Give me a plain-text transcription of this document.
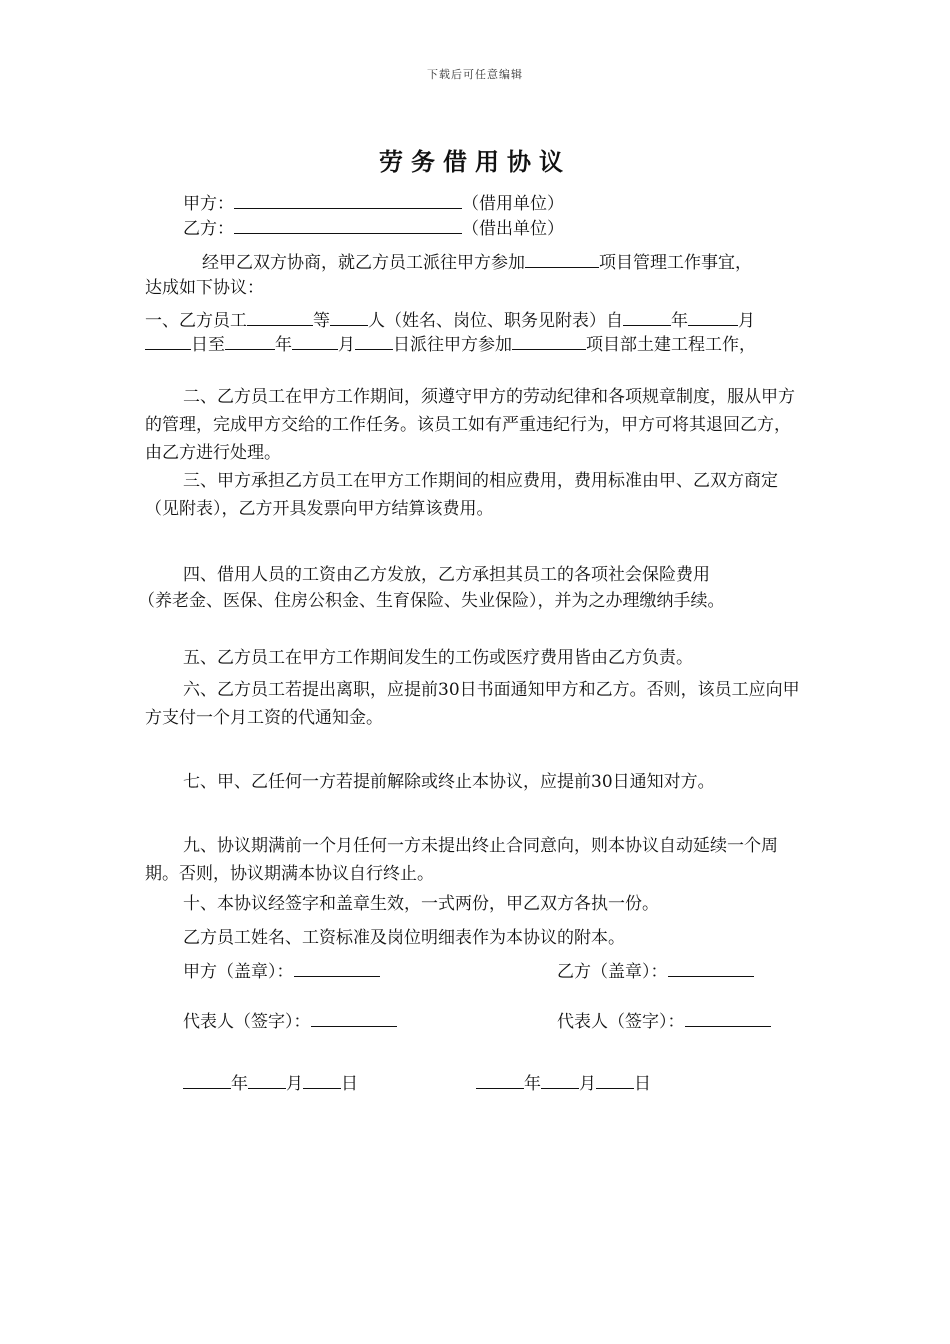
下载后可任意编辑
劳务借用协议
甲方：	（借用单位）
乙方：	（借出单位）
经甲乙双方协商，就乙方员工派往甲方参加	项目管理工作事宜，
达成如下协议：
一、乙方员工	等 人（姓名、岗位、职务见附表）自	年	月
日至	年	月 日派往甲方参加	项目部土建工程工作，
二、乙方员工在甲方工作期间，须遵守甲方的劳动纪律和各项规章制度，服从甲方的管理，完成甲方交给的工作任务。该员工如有严重违纪行为，甲方可将其退回乙方，由乙方进行处理。
三、甲方承担乙方员工在甲方工作期间的相应费用，费用标准由甲、乙双方商定（见附表），乙方开具发票向甲方结算该费用。
四、借用人员的工资由乙方发放，乙方承担其员工的各项社会保险费用
（养老金、医保、住房公积金、生育保险、失业保险），并为之办理缴纳手续。
五、乙方员工在甲方工作期间发生的工伤或医疗费用皆由乙方负责。
六、乙方员工若提出离职，应提前30日书面通知甲方和乙方。否则，该员工应向甲方支付一个月工资的代通知金。
七、甲、乙任何一方若提前解除或终止本协议，应提前30日通知对方。
九、协议期满前一个月任何一方未提出终止合同意向，则本协议自动延续一个周期。否则，协议期满本协议自行终止。
十、本协议经签字和盖章生效，一式两份，甲乙双方各执一份。
乙方员工姓名、工资标准及岗位明细表作为本协议的附本。
甲方（盖章）：	乙方（盖章）：
代表人（签字）：	代表人（签字）：
年 月 日	年 月 日
